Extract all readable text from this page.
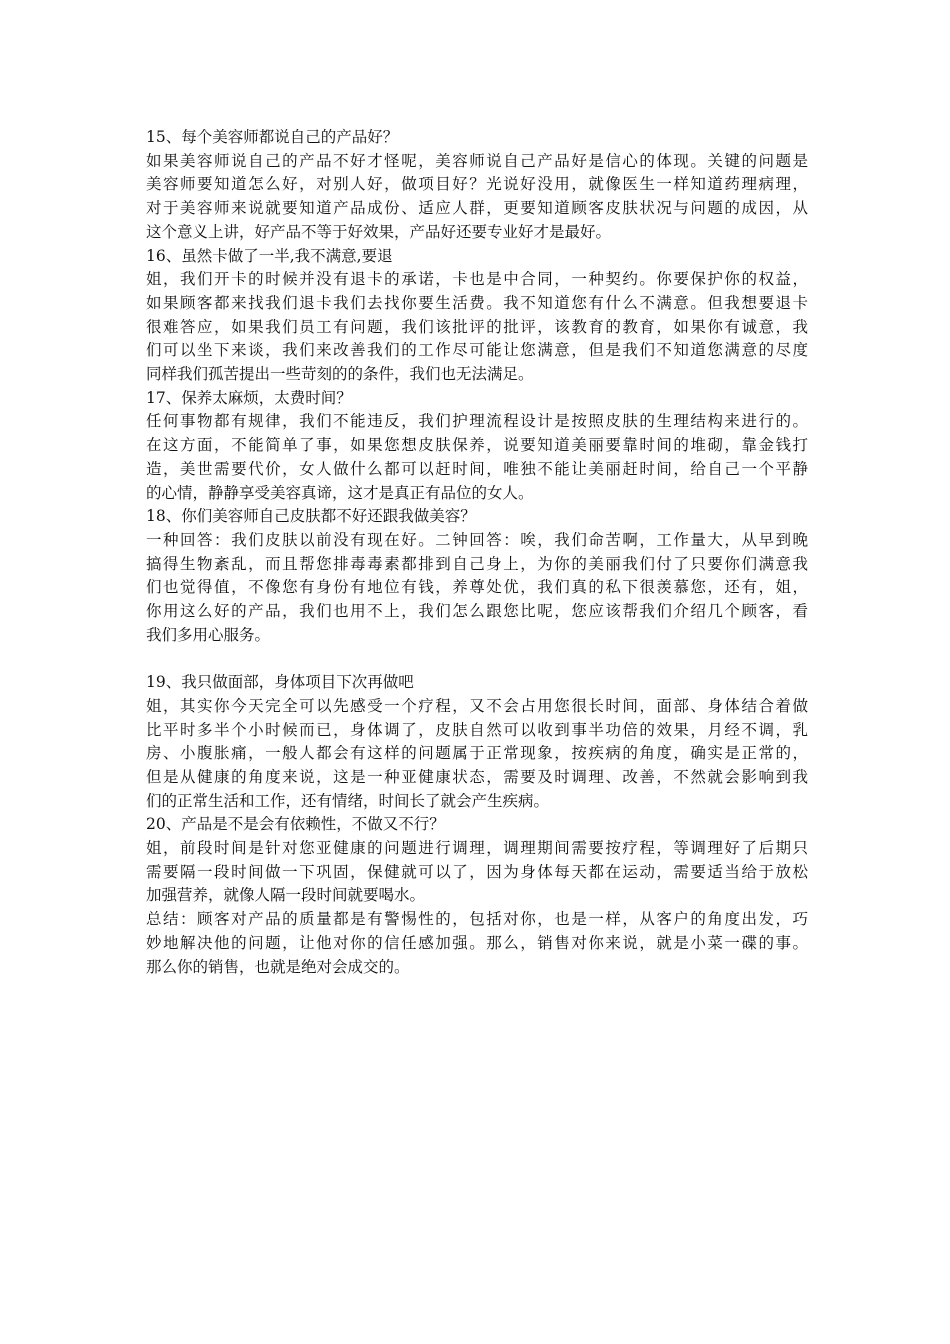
15、每个美容师都说自己的产品好？
如果美容师说自己的产品不好才怪呢，美容师说自己产品好是信心的体现。关键的问题是
美容师要知道怎么好，对别人好，做项目好？光说好没用，就像医生一样知道药理病理，
对于美容师来说就要知道产品成份、适应人群，更要知道顾客皮肤状况与问题的成因，从
这个意义上讲，好产品不等于好效果，产品好还要专业好才是最好。
16、虽然卡做了一半,我不满意,要退
姐，我们开卡的时候并没有退卡的承诺，卡也是中合同，一种契约。你要保护你的权益，
如果顾客都来找我们退卡我们去找你要生活费。我不知道您有什么不满意。但我想要退卡
很难答应，如果我们员工有问题，我们该批评的批评，该教育的教育，如果你有诚意，我
们可以坐下来谈，我们来改善我们的工作尽可能让您满意，但是我们不知道您满意的尽度
同样我们孤苦提出一些苛刻的的条件，我们也无法满足。
17、保养太麻烦，太费时间？
任何事物都有规律，我们不能违反，我们护理流程设计是按照皮肤的生理结构来进行的。
在这方面，不能简单了事，如果您想皮肤保养，说要知道美丽要靠时间的堆砌，靠金钱打
造，美世需要代价，女人做什么都可以赶时间，唯独不能让美丽赶时间，给自己一个平静
的心情，静静享受美容真谛，这才是真正有品位的女人。
18、你们美容师自己皮肤都不好还跟我做美容？
一种回答：我们皮肤以前没有现在好。二钟回答：唉，我们命苦啊，工作量大，从早到晚
搞得生物紊乱，而且帮您排毒毒素都排到自己身上，为你的美丽我们付了只要你们满意我
们也觉得值，不像您有身份有地位有钱，养尊处优，我们真的私下很羡慕您，还有，姐，
你用这么好的产品，我们也用不上，我们怎么跟您比呢，您应该帮我们介绍几个顾客，看
我们多用心服务。
19、我只做面部，身体项目下次再做吧
姐，其实你今天完全可以先感受一个疗程，又不会占用您很长时间，面部、身体结合着做
比平时多半个小时候而已，身体调了，皮肤自然可以收到事半功倍的效果，月经不调，乳
房、小腹胀痛，一般人都会有这样的问题属于正常现象，按疾病的角度，确实是正常的，
但是从健康的角度来说，这是一种亚健康状态，需要及时调理、改善，不然就会影响到我
们的正常生活和工作，还有情绪，时间长了就会产生疾病。
20、产品是不是会有依赖性，不做又不行？
姐，前段时间是针对您亚健康的问题进行调理，调理期间需要按疗程，等调理好了后期只
需要隔一段时间做一下巩固，保健就可以了，因为身体每天都在运动，需要适当给于放松
加强营养，就像人隔一段时间就要喝水。
总结：顾客对产品的质量都是有警惕性的，包括对你，也是一样，从客户的角度出发，巧
妙地解决他的问题，让他对你的信任感加强。那么，销售对你来说，就是小菜一碟的事。
那么你的销售，也就是绝对会成交的。
